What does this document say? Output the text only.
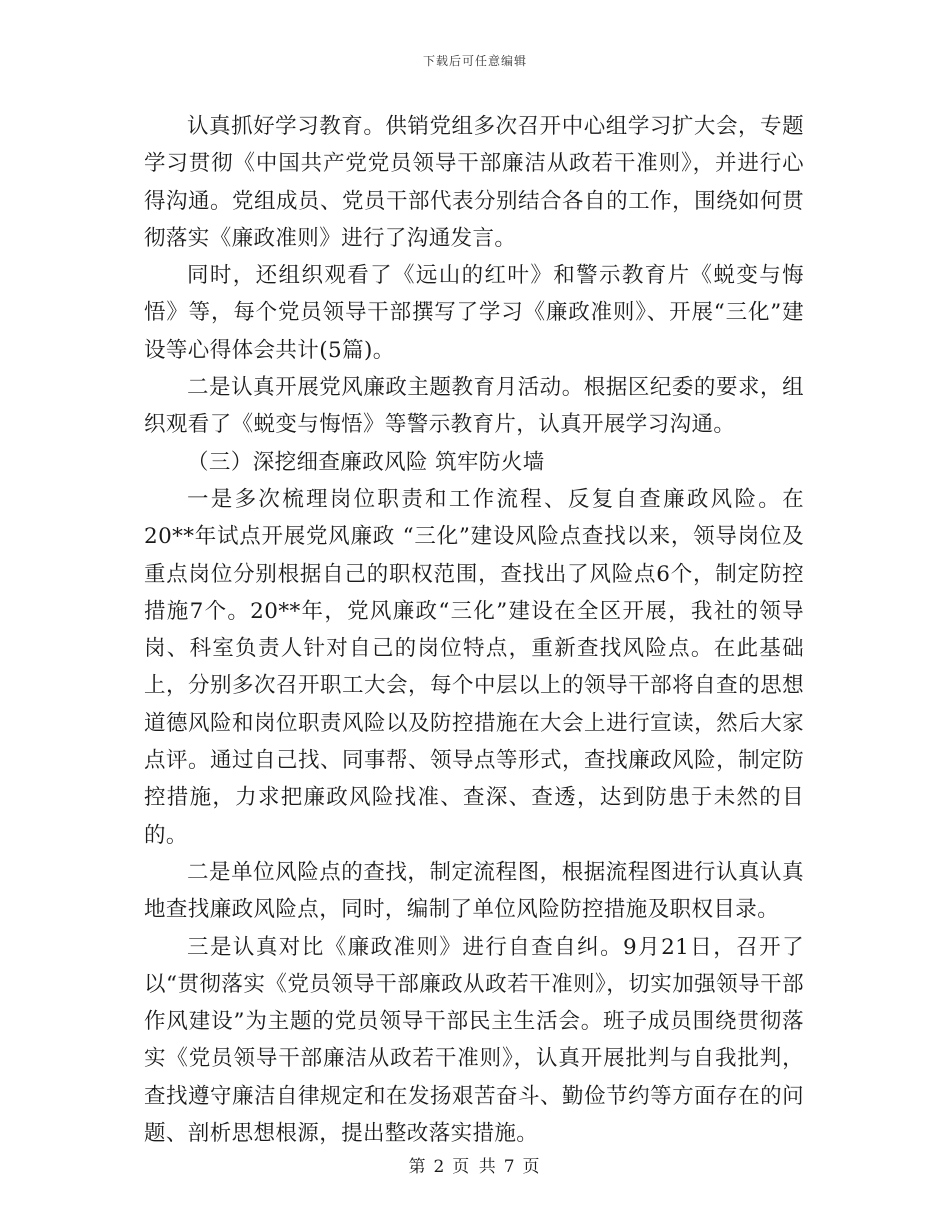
下载后可任意编辑

认真抓好学习教育。供销党组多次召开中心组学习扩大会，专题学习贯彻《中国共产党党员领导干部廉洁从政若干准则》，并进行心得沟通。党组成员、党员干部代表分别结合各自的工作，围绕如何贯彻落实《廉政准则》进行了沟通发言。

同时，还组织观看了《远山的红叶》和警示教育片《蜕变与悔悟》等，每个党员领导干部撰写了学习《廉政准则》、开展“三化”建设等心得体会共计(5篇)。

二是认真开展党风廉政主题教育月活动。根据区纪委的要求，组织观看了《蜕变与悔悟》等警示教育片，认真开展学习沟通。

（三）深挖细查廉政风险 筑牢防火墙

一是多次梳理岗位职责和工作流程、反复自查廉政风险。在20**年试点开展党风廉政 “三化”建设风险点查找以来，领导岗位及重点岗位分别根据自己的职权范围，查找出了风险点6个，制定防控措施7个。20**年，党风廉政“三化”建设在全区开展，我社的领导岗、科室负责人针对自己的岗位特点，重新查找风险点。在此基础上，分别多次召开职工大会，每个中层以上的领导干部将自查的思想道德风险和岗位职责风险以及防控措施在大会上进行宣读，然后大家点评。通过自己找、同事帮、领导点等形式，查找廉政风险，制定防控措施，力求把廉政风险找准、查深、查透，达到防患于未然的目的。

二是单位风险点的查找，制定流程图，根据流程图进行认真认真地查找廉政风险点，同时，编制了单位风险防控措施及职权目录。

三是认真对比《廉政准则》进行自查自纠。9月21日，召开了以“贯彻落实《党员领导干部廉政从政若干准则》，切实加强领导干部作风建设”为主题的党员领导干部民主生活会。班子成员围绕贯彻落实《党员领导干部廉洁从政若干准则》，认真开展批判与自我批判，查找遵守廉洁自律规定和在发扬艰苦奋斗、勤俭节约等方面存在的问题、剖析思想根源，提出整改落实措施。

第 2 页 共 7 页
